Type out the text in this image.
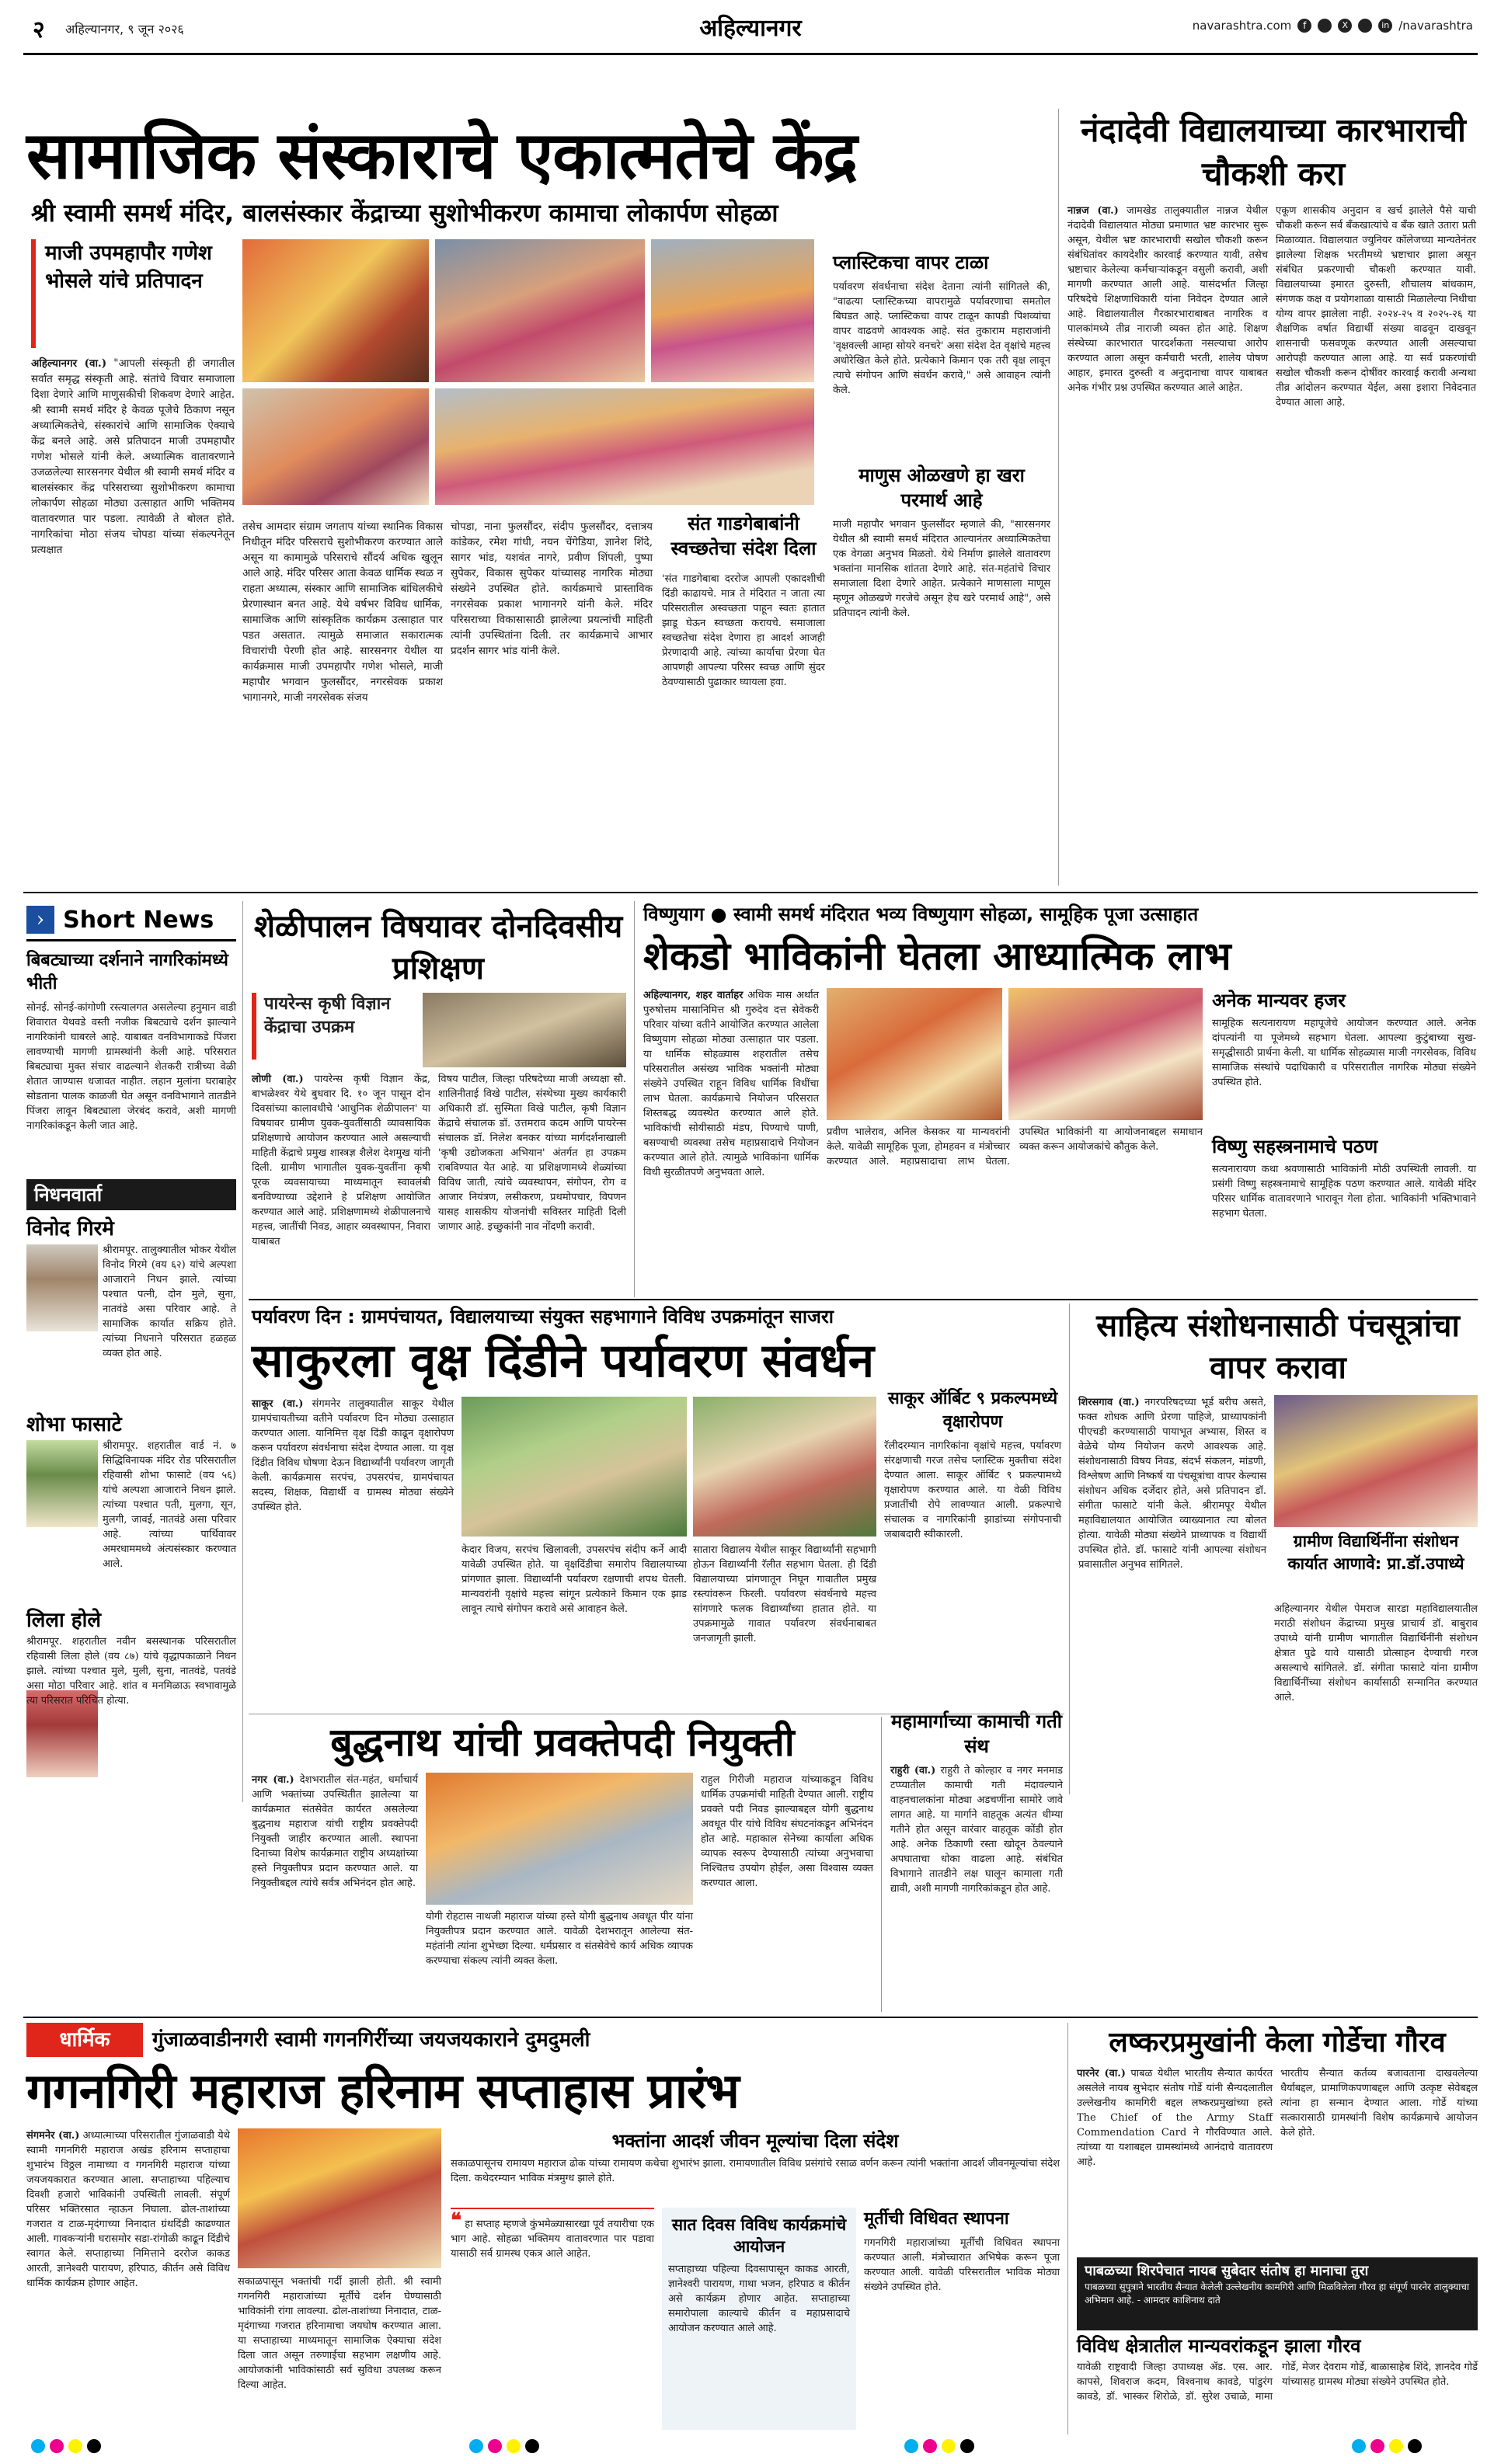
२ अहिल्यानगर, ९ जून २०२६	अहिल्यानगर	navarashtra.com	f	X	in /navarashtra
सामाजिक संस्काराचे एकात्मतेचे केंद्र
श्री स्वामी समर्थ मंदिर, बालसंस्कार केंद्राच्या सुशोभीकरण कामाचा लोकार्पण सोहळा
माजी उपमहापौर गणेश भोसले यांचे प्रतिपादन
अहिल्यानगर (वा.) "आपली संस्कृती ही जगातील सर्वात समृद्ध संस्कृती आहे. संतांचे विचार समाजाला दिशा देणारे आणि माणुसकीची शिकवण देणारे आहेत. श्री स्वामी समर्थ मंदिर हे केवळ पूजेचे ठिकाण नसून अध्यात्मिकतेचे, संस्कारांचे आणि सामाजिक ऐक्याचे केंद्र बनले आहे. असे प्रतिपादन माजी उपमहापौर गणेश भोसले यांनी केले. अध्यात्मिक वातावरणाने उजळलेल्या सारसनगर येथील श्री स्वामी समर्थ मंदिर व बालसंस्कार केंद्र परिसराच्या सुशोभीकरण कामाचा लोकार्पण सोहळा मोठ्या उत्साहात आणि भक्तिमय वातावरणात पार पडला. त्यावेळी ते बोलत होते. नागरिकांचा मोठा संजय चोपडा यांच्या संकल्पनेतून प्रत्यक्षात
तसेच आमदार संग्राम जगताप यांच्या स्थानिक विकास निधीतून मंदिर परिसराचे सुशोभीकरण करण्यात आले असून या कामामुळे परिसराचे सौंदर्य अधिक खुलून आले आहे. मंदिर परिसर आता केवळ धार्मिक स्थळ न राहता अध्यात्म, संस्कार आणि सामाजिक बांधिलकीचे प्रेरणास्थान बनत आहे. येथे वर्षभर विविध धार्मिक, सामाजिक आणि सांस्कृतिक कार्यक्रम उत्साहात पार पडत असतात. त्यामुळे समाजात सकारात्मक विचारांची पेरणी होत आहे. सारसनगर येथील या कार्यक्रमास माजी उपमहापौर गणेश भोसले, माजी महापौर भगवान फुलसौंदर, नगरसेवक प्रकाश भागानगरे, माजी नगरसेवक संजय
चोपडा, नाना फुलसौंदर, संदीप फुलसौंदर, दत्तात्रय कांडेकर, रमेश गांधी, नयन चेंगेडिया, ज्ञानेश शिंदे, सागर भांड, यशवंत नागरे, प्रवीण शिंपली, पुष्पा सुपेकर, विकास सुपेकर यांच्यासह नागरिक मोठ्या संख्येने उपस्थित होते. कार्यक्रमाचे प्रास्ताविक नगरसेवक प्रकाश भागानगरे यांनी केले. मंदिर परिसराच्या विकासासाठी झालेल्या प्रयत्नांची माहिती त्यांनी उपस्थितांना दिली. तर कार्यक्रमाचे आभार प्रदर्शन सागर भांड यांनी केले.
संत गाडगेबाबांनी स्वच्छतेचा संदेश दिला
'संत गाडगेबाबा दररोज आपली एकादशीची दिंडी काढायचे. मात्र ते मंदिरात न जाता त्या परिसरातील अस्वच्छता पाहून स्वतः हातात झाडू घेऊन स्वच्छता करायचे. समाजाला स्वच्छतेचा संदेश देणारा हा आदर्श आजही प्रेरणादायी आहे. त्यांच्या कार्याचा प्रेरणा घेत आपणही आपल्या परिसर स्वच्छ आणि सुंदर ठेवण्यासाठी पुढाकार घ्यायला हवा.
प्लास्टिकचा वापर टाळा
पर्यावरण संवर्धनाचा संदेश देताना त्यांनी सांगितले की, "वाढत्या प्लास्टिकच्या वापरामुळे पर्यावरणाचा समतोल बिघडत आहे. प्लास्टिकचा वापर टाळून कापडी पिशव्यांचा वापर वाढवणे आवश्यक आहे. संत तुकाराम महाराजांनी 'वृक्षवल्ली आम्हा सोयरे वनचरे' असा संदेश देत वृक्षांचे महत्त्व अधोरेखित केले होते. प्रत्येकाने किमान एक तरी वृक्ष लावून त्याचे संगोपन आणि संवर्धन करावे," असे आवाहन त्यांनी केले.
माणुस ओळखणे हा खरा परमार्थ आहे
माजी महापौर भगवान फुलसौंदर म्हणाले की, "सारसनगर येथील श्री स्वामी समर्थ मंदिरात आल्यानंतर अध्यात्मिकतेचा एक वेगळा अनुभव मिळतो. येथे निर्माण झालेले वातावरण भक्तांना मानसिक शांतता देणारे आहे. संत-महंतांचे विचार समाजाला दिशा देणारे आहेत. प्रत्येकाने माणसाला माणूस म्हणून ओळखणे गरजेचे असून हेच खरे परमार्थ आहे", असे प्रतिपादन त्यांनी केले.
नंदादेवी विद्यालयाच्या कारभाराची चौकशी करा
नान्नज (वा.) जामखेड तालुक्यातील नान्नज येथील नंदादेवी विद्यालयात मोठ्या प्रमाणात भ्रष्ट कारभार सुरू असून, येथील भ्रष्ट कारभाराची सखोल चौकशी करून संबंधितांवर कायदेशीर कारवाई करण्यात यावी, तसेच भ्रष्टाचार केलेल्या कर्मचाऱ्यांकडून वसुली करावी, अशी मागणी करण्यात आली आहे. यासंदर्भात जिल्हा परिषदेचे शिक्षणाधिकारी यांना निवेदन देण्यात आले आहे. विद्यालयातील गैरकारभाराबाबत नागरिक व पालकांमध्ये तीव्र नाराजी व्यक्त होत आहे. शिक्षण संस्थेच्या कारभारात पारदर्शकता नसल्याचा आरोप करण्यात आला असून कर्मचारी भरती, शालेय पोषण आहार, इमारत दुरुस्ती व अनुदानाचा वापर याबाबत अनेक गंभीर प्रश्न उपस्थित करण्यात आले आहेत.
एकूण शासकीय अनुदान व खर्च झालेले पैसे याची चौकशी करून सर्व बँकखात्यांचे व बँक खाते उतारा प्रती मिळाव्यात. विद्यालयात ज्युनियर कॉलेजच्या मान्यतेनंतर झालेल्या शिक्षक भरतीमध्ये भ्रष्टाचार झाला असून संबंधित प्रकरणाची चौकशी करण्यात यावी. विद्यालयाच्या इमारत दुरुस्ती, शौचालय बांधकाम, संगणक कक्ष व प्रयोगशाळा यासाठी मिळालेल्या निधीचा योग्य वापर झालेला नाही. २०२४-२५ व २०२५-२६ या शैक्षणिक वर्षात विद्यार्थी संख्या वाढवून दाखवून शासनाची फसवणूक करण्यात आली असल्याचा आरोपही करण्यात आला आहे. या सर्व प्रकरणांची सखोल चौकशी करून दोषींवर कारवाई करावी अन्यथा तीव्र आंदोलन करण्यात येईल, असा इशारा निवेदनात देण्यात आला आहे.
› Short News
बिबट्याच्या दर्शनाने नागरिकांमध्ये भीती
सोनई. सोनई-कांगोणी रस्त्यालगत असलेल्या हनुमान वाडी शिवारात येथवडे वस्ती नजीक बिबट्याचे दर्शन झाल्याने नागरिकांनी घाबरले आहे. याबाबत वनविभागाकडे पिंजरा लावण्याची मागणी ग्रामस्थांनी केली आहे. परिसरात बिबट्याचा मुक्त संचार वाढल्याने शेतकरी रात्रीच्या वेळी शेतात जाण्यास धजावत नाहीत. लहान मुलांना घराबाहेर सोडताना पालक काळजी घेत असून वनविभागाने तातडीने पिंजरा लावून बिबट्याला जेरबंद करावे, अशी मागणी नागरिकांकडून केली जात आहे.
निधनवार्ता
विनोद गिरमे
श्रीरामपूर. तालुक्यातील भोकर येथील विनोद गिरमे (वय ६२) यांचे अल्पशा आजाराने निधन झाले. त्यांच्या पश्चात पत्नी, दोन मुले, सुना, नातवंडे असा परिवार आहे. ते सामाजिक कार्यात सक्रिय होते. त्यांच्या निधनाने परिसरात हळहळ व्यक्त होत आहे.
शोभा फासाटे
श्रीरामपूर. शहरातील वार्ड नं. ७ सिद्धिविनायक मंदिर रोड परिसरातील रहिवासी शोभा फासाटे (वय ५६) यांचे अल्पशा आजाराने निधन झाले. त्यांच्या पश्चात पती, मुलगा, सून, मुलगी, जावई, नातवंडे असा परिवार आहे. त्यांच्या पार्थिवावर अमरधाममध्ये अंत्यसंस्कार करण्यात आले.
लिला होले
श्रीरामपूर. शहरातील नवीन बसस्थानक परिसरातील रहिवासी लिला होले (वय ८७) यांचे वृद्धापकाळाने निधन झाले. त्यांच्या पश्चात मुले, मुली, सुना, नातवंडे, पतवंडे असा मोठा परिवार आहे. शांत व मनमिळाऊ स्वभावामुळे त्या परिसरात परिचित होत्या.
शेळीपालन विषयावर दोनदिवसीय प्रशिक्षण
पायरेन्स कृषी विज्ञान केंद्राचा उपक्रम
लोणी (वा.) पायरेन्स कृषी विज्ञान केंद्र, बाभळेश्वर येथे बुधवार दि. १० जून पासून दोन दिवसांच्या कालावधीचे 'आधुनिक शेळीपालन' या विषयावर ग्रामीण युवक-युवतींसाठी व्यावसायिक प्रशिक्षणाचे आयोजन करण्यात आले असल्याची माहिती केंद्राचे प्रमुख शास्त्रज्ञ शैलेश देशमुख यांनी दिली. ग्रामीण भागातील युवक-युवतींना कृषी पूरक व्यवसायाच्या माध्यमातून स्वावलंबी बनविण्याच्या उद्देशाने हे प्रशिक्षण आयोजित करण्यात आले आहे. प्रशिक्षणामध्ये शेळीपालनाचे महत्त्व, जातींची निवड, आहार व्यवस्थापन, निवारा याबाबत
विषय पाटील, जिल्हा परिषदेच्या माजी अध्यक्षा सौ. शालिनीताई विखे पाटील, संस्थेच्या मुख्य कार्यकारी अधिकारी डॉ. सुस्मिता विखे पाटील, कृषी विज्ञान केंद्राचे संचालक डॉ. उत्तमराव कदम आणि पायरेन्स संचालक डॉ. निलेश बनकर यांच्या मार्गदर्शनाखाली 'कृषी उद्योजकता अभियान' अंतर्गत हा उपक्रम राबविण्यात येत आहे. या प्रशिक्षणामध्ये शेळ्यांच्या विविध जाती, त्यांचे व्यवस्थापन, संगोपन, रोग व आजार नियंत्रण, लसीकरण, प्रथमोपचार, विपणन यासह शासकीय योजनांची सविस्तर माहिती दिली जाणार आहे. इच्छुकांनी नाव नोंदणी करावी.
विष्णुयाग ● स्वामी समर्थ मंदिरात भव्य विष्णुयाग सोहळा, सामूहिक पूजा उत्साहात
शेकडो भाविकांनी घेतला आध्यात्मिक लाभ
अहिल्यानगर, शहर वार्ताहर अधिक मास अर्थात पुरुषोत्तम मासानिमित्त श्री गुरुदेव दत्त सेवेकरी परिवार यांच्या वतीने आयोजित करण्यात आलेला विष्णुयाग सोहळा मोठ्या उत्साहात पार पडला. या धार्मिक सोहळ्यास शहरातील तसेच परिसरातील असंख्य भाविक भक्तांनी मोठ्या संख्येने उपस्थित राहून विविध धार्मिक विधींचा लाभ घेतला. कार्यक्रमाचे नियोजन परिसरात शिस्तबद्ध व्यवस्थेत करण्यात आले होते. भाविकांची सोयीसाठी मंडप, पिण्याचे पाणी, बसण्याची व्यवस्था तसेच महाप्रसादाचे नियोजन करण्यात आले होते. त्यामुळे भाविकांना धार्मिक विधी सुरळीतपणे अनुभवता आले.
प्रवीण भालेराव, अनिल केसकर या मान्यवरांनी केले. यावेळी सामूहिक पूजा, होमहवन व मंत्रोच्चार करण्यात आले. महाप्रसादाचा लाभ घेतला. उपस्थित भाविकांनी या आयोजनाबद्दल समाधान व्यक्त करून आयोजकांचे कौतुक केले.
अनेक मान्यवर हजर
सामूहिक सत्यनारायण महापूजेचे आयोजन करण्यात आले. अनेक दांपत्यांनी या पूजेमध्ये सहभाग घेतला. आपल्या कुटुंबाच्या सुख-समृद्धीसाठी प्रार्थना केली. या धार्मिक सोहळ्यास माजी नगरसेवक, विविध सामाजिक संस्थांचे पदाधिकारी व परिसरातील नागरिक मोठ्या संख्येने उपस्थित होते.
विष्णु सहस्त्रनामाचे पठण
सत्यनारायण कथा श्रवणासाठी भाविकांनी मोठी उपस्थिती लावली. या प्रसंगी विष्णु सहस्त्रनामाचे सामूहिक पठण करण्यात आले. यावेळी मंदिर परिसर धार्मिक वातावरणाने भारावून गेला होता. भाविकांनी भक्तिभावाने सहभाग घेतला.
पर्यावरण दिन : ग्रामपंचायत, विद्यालयाच्या संयुक्त सहभागाने विविध उपक्रमांतून साजरा
साकुरला वृक्ष दिंडीने पर्यावरण संवर्धन
साकूर (वा.) संगमनेर तालुक्यातील साकूर येथील ग्रामपंचायतीच्या वतीने पर्यावरण दिन मोठ्या उत्साहात करण्यात आला. यानिमित्त वृक्ष दिंडी काढून वृक्षारोपण करून पर्यावरण संवर्धनाचा संदेश देण्यात आला. या वृक्ष दिंडीत विविध घोषणा देऊन विद्यार्थ्यांनी पर्यावरण जागृती केली. कार्यक्रमास सरपंच, उपसरपंच, ग्रामपंचायत सदस्य, शिक्षक, विद्यार्थी व ग्रामस्थ मोठ्या संख्येने उपस्थित होते.
केदार विजय, सरपंच खिलावली, उपसरपंच संदीप कर्ने आदी यावेळी उपस्थित होते. या वृक्षदिंडीचा समारोप विद्यालयाच्या प्रांगणात झाला. विद्यार्थ्यांनी पर्यावरण रक्षणाची शपथ घेतली. मान्यवरांनी वृक्षांचे महत्त्व सांगून प्रत्येकाने किमान एक झाड लावून त्याचे संगोपन करावे असे आवाहन केले.
सातारा विद्यालय येथील साकूर विद्यार्थ्यांनी सहभागी होऊन विद्यार्थ्यांनी रॅलीत सहभाग घेतला. ही दिंडी विद्यालयाच्या प्रांगणातून निघून गावातील प्रमुख रस्त्यांवरून फिरली. पर्यावरण संवर्धनाचे महत्त्व सांगणारे फलक विद्यार्थ्यांच्या हातात होते. या उपक्रमामुळे गावात पर्यावरण संवर्धनाबाबत जनजागृती झाली.
साकूर ऑर्बिट ९ प्रकल्पमध्ये वृक्षारोपण
रॅलीदरम्यान नागरिकांना वृक्षांचे महत्त्व, पर्यावरण संरक्षणाची गरज तसेच प्लास्टिक मुक्तीचा संदेश देण्यात आला. साकूर ऑर्बिट ९ प्रकल्पामध्ये वृक्षारोपण करण्यात आले. या वेळी विविध प्रजातींची रोपे लावण्यात आली. प्रकल्पाचे संचालक व नागरिकांनी झाडांच्या संगोपनाची जबाबदारी स्वीकारली.
साहित्य संशोधनासाठी पंचसूत्रांचा वापर करावा
शिरसगाव (वा.) नगरपरिषदच्या भूर्ड बरीच असते, फक्त शोधक आणि प्रेरणा पाहिजे, प्राध्यापकांनी पीएचडी करण्यासाठी पायाभूत अभ्यास, शिस्त व वेळेचे योग्य नियोजन करणे आवश्यक आहे. संशोधनासाठी विषय निवड, संदर्भ संकलन, मांडणी, विश्लेषण आणि निष्कर्ष या पंचसूत्रांचा वापर केल्यास संशोधन अधिक दर्जेदार होते, असे प्रतिपादन डॉ. संगीता फासाटे यांनी केले. श्रीरामपूर येथील महाविद्यालयात आयोजित व्याख्यानात त्या बोलत होत्या. यावेळी मोठ्या संख्येने प्राध्यापक व विद्यार्थी उपस्थित होते. डॉ. फासाटे यांनी आपल्या संशोधन प्रवासातील अनुभव सांगितले.
ग्रामीण विद्यार्थिनींना संशोधन कार्यात आणावे: प्रा.डॉ.उपाध्ये
अहिल्यानगर येथील पेमराज सारडा महाविद्यालयातील मराठी संशोधन केंद्राच्या प्रमुख प्राचार्य डॉ. बाबुराव उपाध्ये यांनी ग्रामीण भागातील विद्यार्थिनींनी संशोधन क्षेत्रात पुढे यावे यासाठी प्रोत्साहन देण्याची गरज असल्याचे सांगितले. डॉ. संगीता फासाटे यांना ग्रामीण विद्यार्थिनींच्या संशोधन कार्यासाठी सन्मानित करण्यात आले.
बुद्धनाथ यांची प्रवक्तेपदी नियुक्ती
नगर (वा.) देशभरातील संत-महंत, धर्माचार्य आणि भक्तांच्या उपस्थितीत झालेल्या या कार्यक्रमात संतसेवेत कार्यरत असलेल्या बुद्धनाथ महाराज यांची राष्ट्रीय प्रवक्तेपदी नियुक्ती जाहीर करण्यात आली. स्थापना दिनाच्या विशेष कार्यक्रमात राष्ट्रीय अध्यक्षांच्या हस्ते नियुक्तीपत्र प्रदान करण्यात आले. या नियुक्तीबद्दल त्यांचे सर्वत्र अभिनंदन होत आहे.
योगी रोहटास नाथजी महाराज यांच्या हस्ते योगी बुद्धनाथ अवधूत पीर यांना नियुक्तीपत्र प्रदान करण्यात आले. यावेळी देशभरातून आलेल्या संत-महंतांनी त्यांना शुभेच्छा दिल्या. धर्मप्रसार व संतसेवेचे कार्य अधिक व्यापक करण्याचा संकल्प त्यांनी व्यक्त केला.
राहुल गिरीजी महाराज यांच्याकडून विविध धार्मिक उपक्रमांची माहिती देण्यात आली. राष्ट्रीय प्रवक्ते पदी निवड झाल्याबद्दल योगी बुद्धनाथ अवधूत पीर यांचे विविध संघटनांकडून अभिनंदन होत आहे. महाकाल सेनेच्या कार्याला अधिक व्यापक स्वरूप देण्यासाठी त्यांच्या अनुभवाचा निश्चितच उपयोग होईल, असा विश्वास व्यक्त करण्यात आला.
महामार्गाच्या कामाची गती संथ
राहुरी (वा.) राहुरी ते कोल्हार व नगर मनमाड टप्प्यातील कामाची गती मंदावल्याने वाहनचालकांना मोठ्या अडचणींना सामोरे जावे लागत आहे. या मार्गाने वाहतूक अत्यंत धीम्या गतीने होत असून वारंवार वाहतूक कोंडी होत आहे. अनेक ठिकाणी रस्ता खोदून ठेवल्याने अपघाताचा धोका वाढला आहे. संबंधित विभागाने तातडीने लक्ष घालून कामाला गती द्यावी, अशी मागणी नागरिकांकडून होत आहे.
धार्मिक	गुंजाळवाडीनगरी स्वामी गगनगिरींच्या जयजयकाराने दुमदुमली
गगनगिरी महाराज हरिनाम सप्ताहास प्रारंभ
संगमनेर (वा.) अध्यात्माच्या परिसरातील गुंजाळवाडी येथे स्वामी गगनगिरी महाराज अखंड हरिनाम सप्ताहाचा शुभारंभ विठ्ठल नामाच्या व गगनगिरी महाराज यांच्या जयजयकारात करण्यात आला. सप्ताहाच्या पहिल्याच दिवशी हजारो भाविकांनी उपस्थिती लावली. संपूर्ण परिसर भक्तिरसात न्हाऊन निघाला. ढोल-ताशांच्या गजरात व टाळ-मृदंगाच्या निनादात ग्रंथदिंडी काढण्यात आली. गावकऱ्यांनी घरासमोर सडा-रांगोळी काढून दिंडीचे स्वागत केले. सप्ताहाच्या निमित्ताने दररोज काकड आरती, ज्ञानेश्वरी पारायण, हरिपाठ, कीर्तन असे विविध धार्मिक कार्यक्रम होणार आहेत.	सकाळपासून भक्तांची गर्दी झाली होती. श्री स्वामी गगनगिरी महाराजांच्या मूर्तीचे दर्शन घेण्यासाठी भाविकांनी रांगा लावल्या. ढोल-ताशांच्या निनादात, टाळ-मृदंगाच्या गजरात हरिनामाचा जयघोष करण्यात आला. या सप्ताहाच्या माध्यमातून सामाजिक ऐक्याचा संदेश दिला जात असून तरुणाईचा सहभाग लक्षणीय आहे. आयोजकांनी भाविकांसाठी सर्व सुविधा उपलब्ध करून दिल्या आहेत.
भक्तांना आदर्श जीवन मूल्यांचा दिला संदेश
सकाळपासूनच रामायण महाराज ढोक यांच्या रामायण कथेचा शुभारंभ झाला. रामायणातील विविध प्रसंगांचे रसाळ वर्णन करून त्यांनी भक्तांना आदर्श जीवनमूल्यांचा संदेश दिला. कथेदरम्यान भाविक मंत्रमुग्ध झाले होते.
❝ हा सप्ताह म्हणजे कुंभमेळ्यासारखा पूर्व तयारीचा एक भाग आहे. सोहळा भक्तिमय वातावरणात पार पडावा यासाठी सर्व ग्रामस्थ एकत्र आले आहेत.
सात दिवस विविध कार्यक्रमांचे आयोजन
सप्ताहाच्या पहिल्या दिवसापासून काकड आरती, ज्ञानेश्वरी पारायण, गाथा भजन, हरिपाठ व कीर्तन असे कार्यक्रम होणार आहेत. सप्ताहाच्या समारोपाला काल्याचे कीर्तन व महाप्रसादाचे आयोजन करण्यात आले आहे.
मूर्तीची विधिवत स्थापना
गगनगिरी महाराजांच्या मूर्तीची विधिवत स्थापना करण्यात आली. मंत्रोच्चारात अभिषेक करून पूजा करण्यात आली. यावेळी परिसरातील भाविक मोठ्या संख्येने उपस्थित होते.
लष्करप्रमुखांनी केला गोर्डेचा गौरव
पारनेर (वा.) पाबळ येथील भारतीय सैन्यात कार्यरत असलेले नायब सुभेदार संतोष गोर्डे यांनी सैन्यदलातील उल्लेखनीय कामगिरी बद्दल लष्करप्रमुखांच्या हस्ते The Chief of the Army Staff Commendation Card ने गौरविण्यात आले. त्यांच्या या यशाबद्दल ग्रामस्थांमध्ये आनंदाचे वातावरण आहे.
भारतीय सैन्यात कर्तव्य बजावताना दाखवलेल्या धैर्याबद्दल, प्रामाणिकपणाबद्दल आणि उत्कृष्ट सेवेबद्दल त्यांना हा सन्मान देण्यात आला. गोर्डे यांच्या सत्कारासाठी ग्रामस्थांनी विशेष कार्यक्रमाचे आयोजन केले होते.
पाबळच्या शिरपेचात नायब सुबेदार संतोष हा मानाचा तुरा
पाबळच्या सुपुत्राने भारतीय सैन्यात केलेली उल्लेखनीय कामगिरी आणि मिळविलेला गौरव हा संपूर्ण पारनेर तालुक्याचा अभिमान आहे. - आमदार काशिनाथ दाते
विविध क्षेत्रातील मान्यवरांकडून झाला गौरव
यावेळी राष्ट्रवादी जिल्हा उपाध्यक्ष ॲड. एस. आर. कापसे, शिवराज कदम, विश्वनाथ कावडे, पांडुरंग कावडे, डॉ. भास्कर शिरोळे, डॉ. सुरेश उचाळे, मामा गोर्डे, मेजर देवराम गोर्डे, बाळासाहेब शिंदे, ज्ञानदेव गोर्डे यांच्यासह ग्रामस्थ मोठ्या संख्येने उपस्थित होते.
